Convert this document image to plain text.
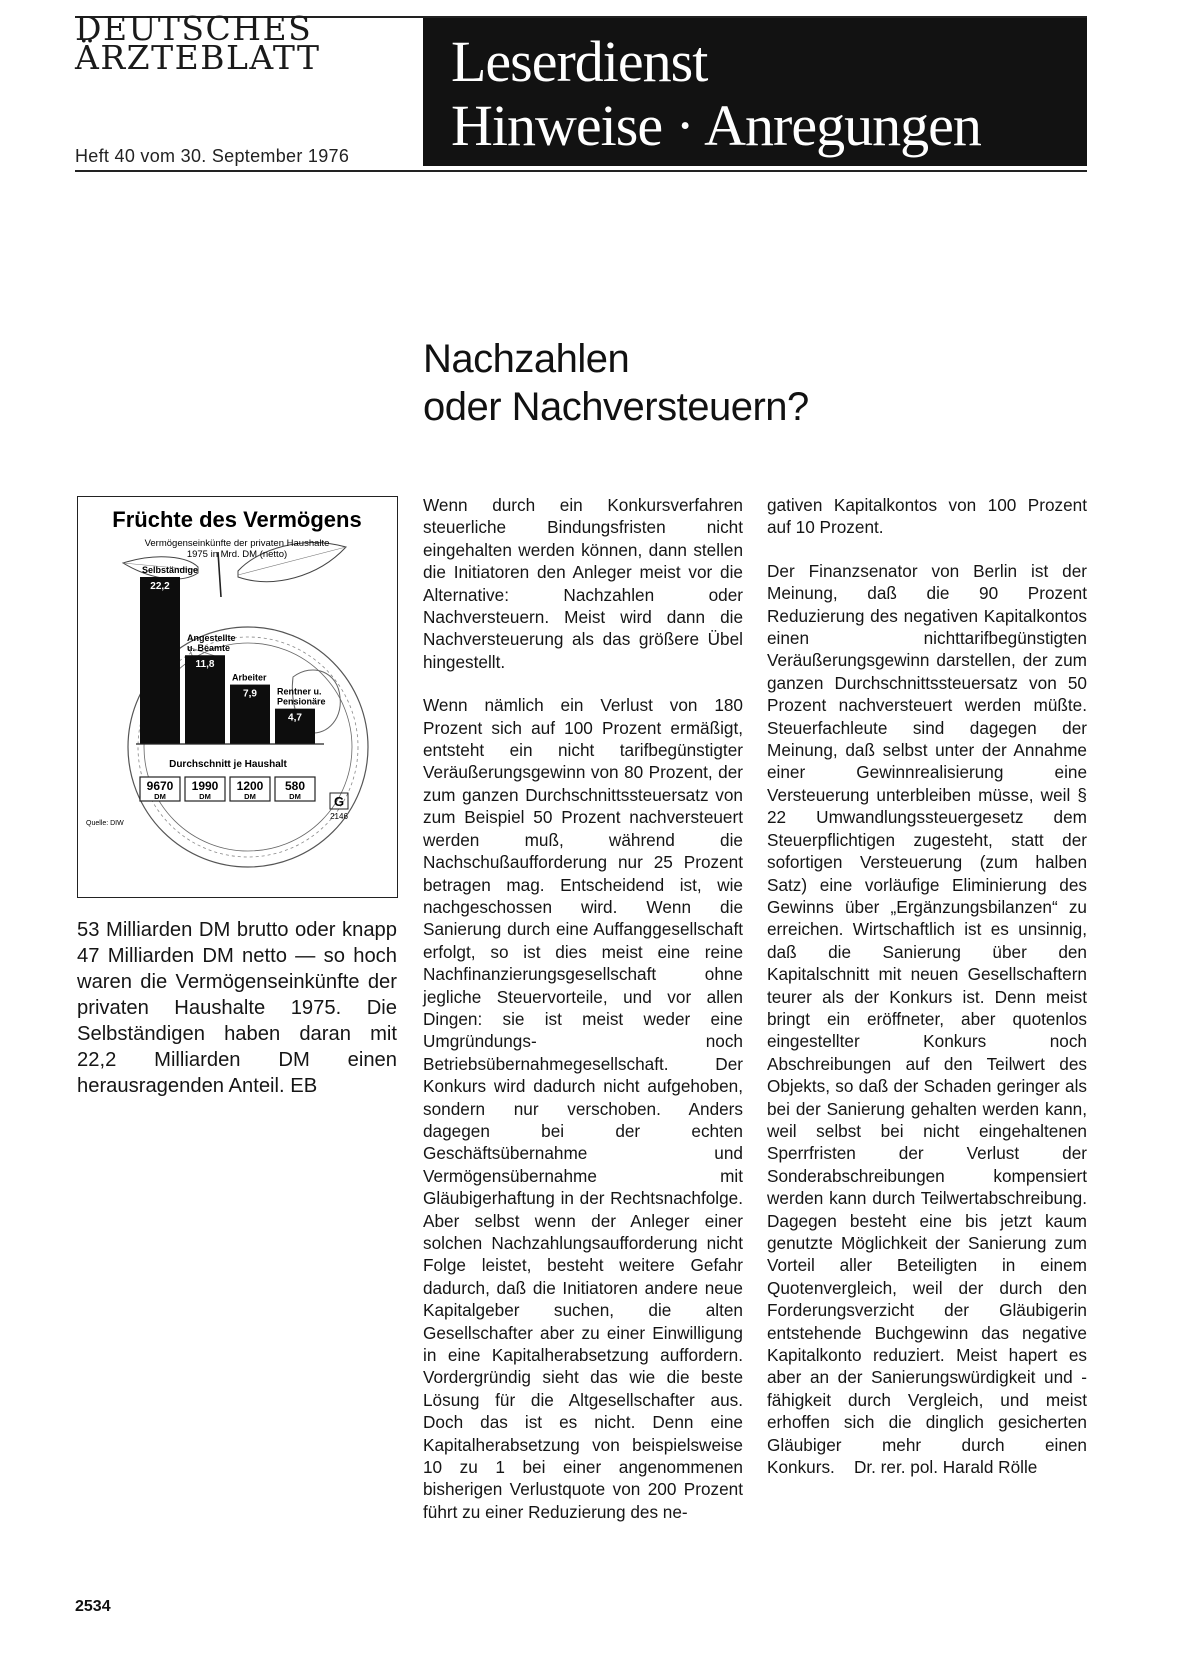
DEUTSCHES
ÄRZTEBLATT
Heft 40 vom 30. September 1976
Leserdienst
Hinweise · Anregungen
Nachzahlen
oder Nachversteuern?
Früchte des Vermögens
Vermögenseinkünfte der privaten Haushalte
1975 in Mrd. DM (netto)
Selbständige
22,2
Angestellte
u. Beamte
11,8
Arbeiter
7,9 Rentner u.
Pensionäre
4,7
Durchschnitt je Haushalt
9670
DM
1990
DM
1200
DM
580
DM
Quelle: DIW
G
2146
53 Milliarden DM brutto oder knapp 47 Milliarden DM netto — so hoch waren die Vermögenseinkünfte der privaten Haushalte 1975. Die Selbständigen haben daran mit 22,2 Milliarden DM einen herausragenden Anteil. EB

Wenn durch ein Konkursverfahren steuerliche Bindungsfristen nicht eingehalten werden können, dann stellen die Initiatoren den Anleger meist vor die Alternative: Nachzahlen oder Nachversteuern. Meist wird dann die Nachversteuerung als das größere Übel hingestellt.

Wenn nämlich ein Verlust von 180 Prozent sich auf 100 Prozent ermäßigt, entsteht ein nicht tarifbegünstigter Veräußerungsgewinn von 80 Prozent, der zum ganzen Durchschnittssteuersatz von zum Beispiel 50 Prozent nachversteuert werden muß, während die Nachschußaufforderung nur 25 Prozent betragen mag. Entscheidend ist, wie nachgeschossen wird. Wenn die Sanierung durch eine Auffanggesellschaft erfolgt, so ist dies meist eine reine Nachfinanzierungsgesellschaft ohne jegliche Steuervorteile, und vor allen Dingen: sie ist meist weder eine Umgründungs- noch Betriebsübernahmegesellschaft. Der Konkurs wird dadurch nicht aufgehoben, sondern nur verschoben. Anders dagegen bei der echten Geschäftsübernahme und Vermögensübernahme mit Gläubigerhaftung in der Rechtsnachfolge. Aber selbst wenn der Anleger einer solchen Nachzahlungsaufforderung nicht Folge leistet, besteht weitere Gefahr dadurch, daß die Initiatoren andere neue Kapitalgeber suchen, die alten Gesellschafter aber zu einer Einwilligung in eine Kapitalherabsetzung auffordern. Vordergründig sieht das wie die beste Lösung für die Altgesellschafter aus. Doch das ist es nicht. Denn eine Kapitalherabsetzung von beispielsweise 10 zu 1 bei einer angenommenen bisherigen Verlustquote von 200 Prozent führt zu einer Reduzierung des ne-

gativen Kapitalkontos von 100 Prozent auf 10 Prozent.

Der Finanzsenator von Berlin ist der Meinung, daß die 90 Prozent Reduzierung des negativen Kapitalkontos einen nichttarifbegünstigten Veräußerungsgewinn darstellen, der zum ganzen Durchschnittssteuersatz von 50 Prozent nachversteuert werden müßte. Steuerfachleute sind dagegen der Meinung, daß selbst unter der Annahme einer Gewinnrealisierung eine Versteuerung unterbleiben müsse, weil § 22 Umwandlungssteuergesetz dem Steuerpflichtigen zugesteht, statt der sofortigen Versteuerung (zum halben Satz) eine vorläufige Eliminierung des Gewinns über „Ergänzungsbilanzen“ zu erreichen. Wirtschaftlich ist es unsinnig, daß die Sanierung über den Kapitalschnitt mit neuen Gesellschaftern teurer als der Konkurs ist. Denn meist bringt ein eröffneter, aber quotenlos eingestellter Konkurs noch Abschreibungen auf den Teilwert des Objekts, so daß der Schaden geringer als bei der Sanierung gehalten werden kann, weil selbst bei nicht eingehaltenen Sperrfristen der Verlust der Sonderabschreibungen kompensiert werden kann durch Teilwertabschreibung. Dagegen besteht eine bis jetzt kaum genutzte Möglichkeit der Sanierung zum Vorteil aller Beteiligten in einem Quotenvergleich, weil der durch den Forderungsverzicht der Gläubigerin entstehende Buchgewinn das negative Kapitalkonto reduziert. Meist hapert es aber an der Sanierungswürdigkeit und -fähigkeit durch Vergleich, und meist erhoffen sich die dinglich gesicherten Gläubiger mehr durch einen Konkurs. Dr. rer. pol. Harald Rölle

2534
